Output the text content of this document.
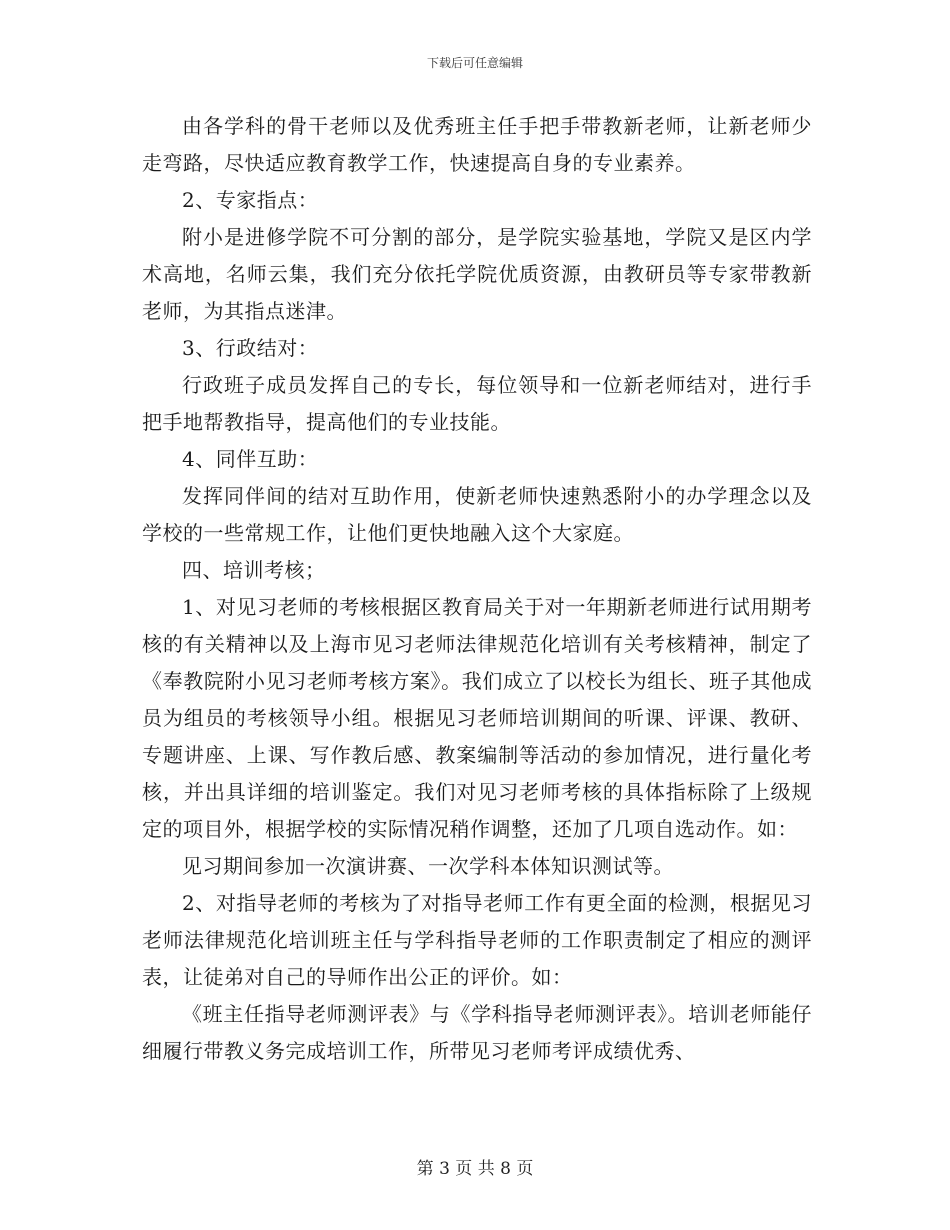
下载后可任意编辑

由各学科的骨干老师以及优秀班主任手把手带教新老师，让新老师少走弯路，尽快适应教育教学工作，快速提高自身的专业素养。

2、专家指点：

附小是进修学院不可分割的部分，是学院实验基地，学院又是区内学术高地，名师云集，我们充分依托学院优质资源，由教研员等专家带教新老师，为其指点迷津。

3、行政结对：

行政班子成员发挥自己的专长，每位领导和一位新老师结对，进行手把手地帮教指导，提高他们的专业技能。

4、同伴互助：

发挥同伴间的结对互助作用，使新老师快速熟悉附小的办学理念以及学校的一些常规工作，让他们更快地融入这个大家庭。

四、培训考核；

1、对见习老师的考核根据区教育局关于对一年期新老师进行试用期考核的有关精神以及上海市见习老师法律规范化培训有关考核精神，制定了《奉教院附小见习老师考核方案》。我们成立了以校长为组长、班子其他成员为组员的考核领导小组。根据见习老师培训期间的听课、评课、教研、专题讲座、上课、写作教后感、教案编制等活动的参加情况，进行量化考核，并出具详细的培训鉴定。我们对见习老师考核的具体指标除了上级规定的项目外，根据学校的实际情况稍作调整，还加了几项自选动作。如：

见习期间参加一次演讲赛、一次学科本体知识测试等。

2、对指导老师的考核为了对指导老师工作有更全面的检测，根据见习老师法律规范化培训班主任与学科指导老师的工作职责制定了相应的测评表，让徒弟对自己的导师作出公正的评价。如：

《班主任指导老师测评表》与《学科指导老师测评表》。培训老师能仔细履行带教义务完成培训工作，所带见习老师考评成绩优秀、

第 3 页 共 8 页
